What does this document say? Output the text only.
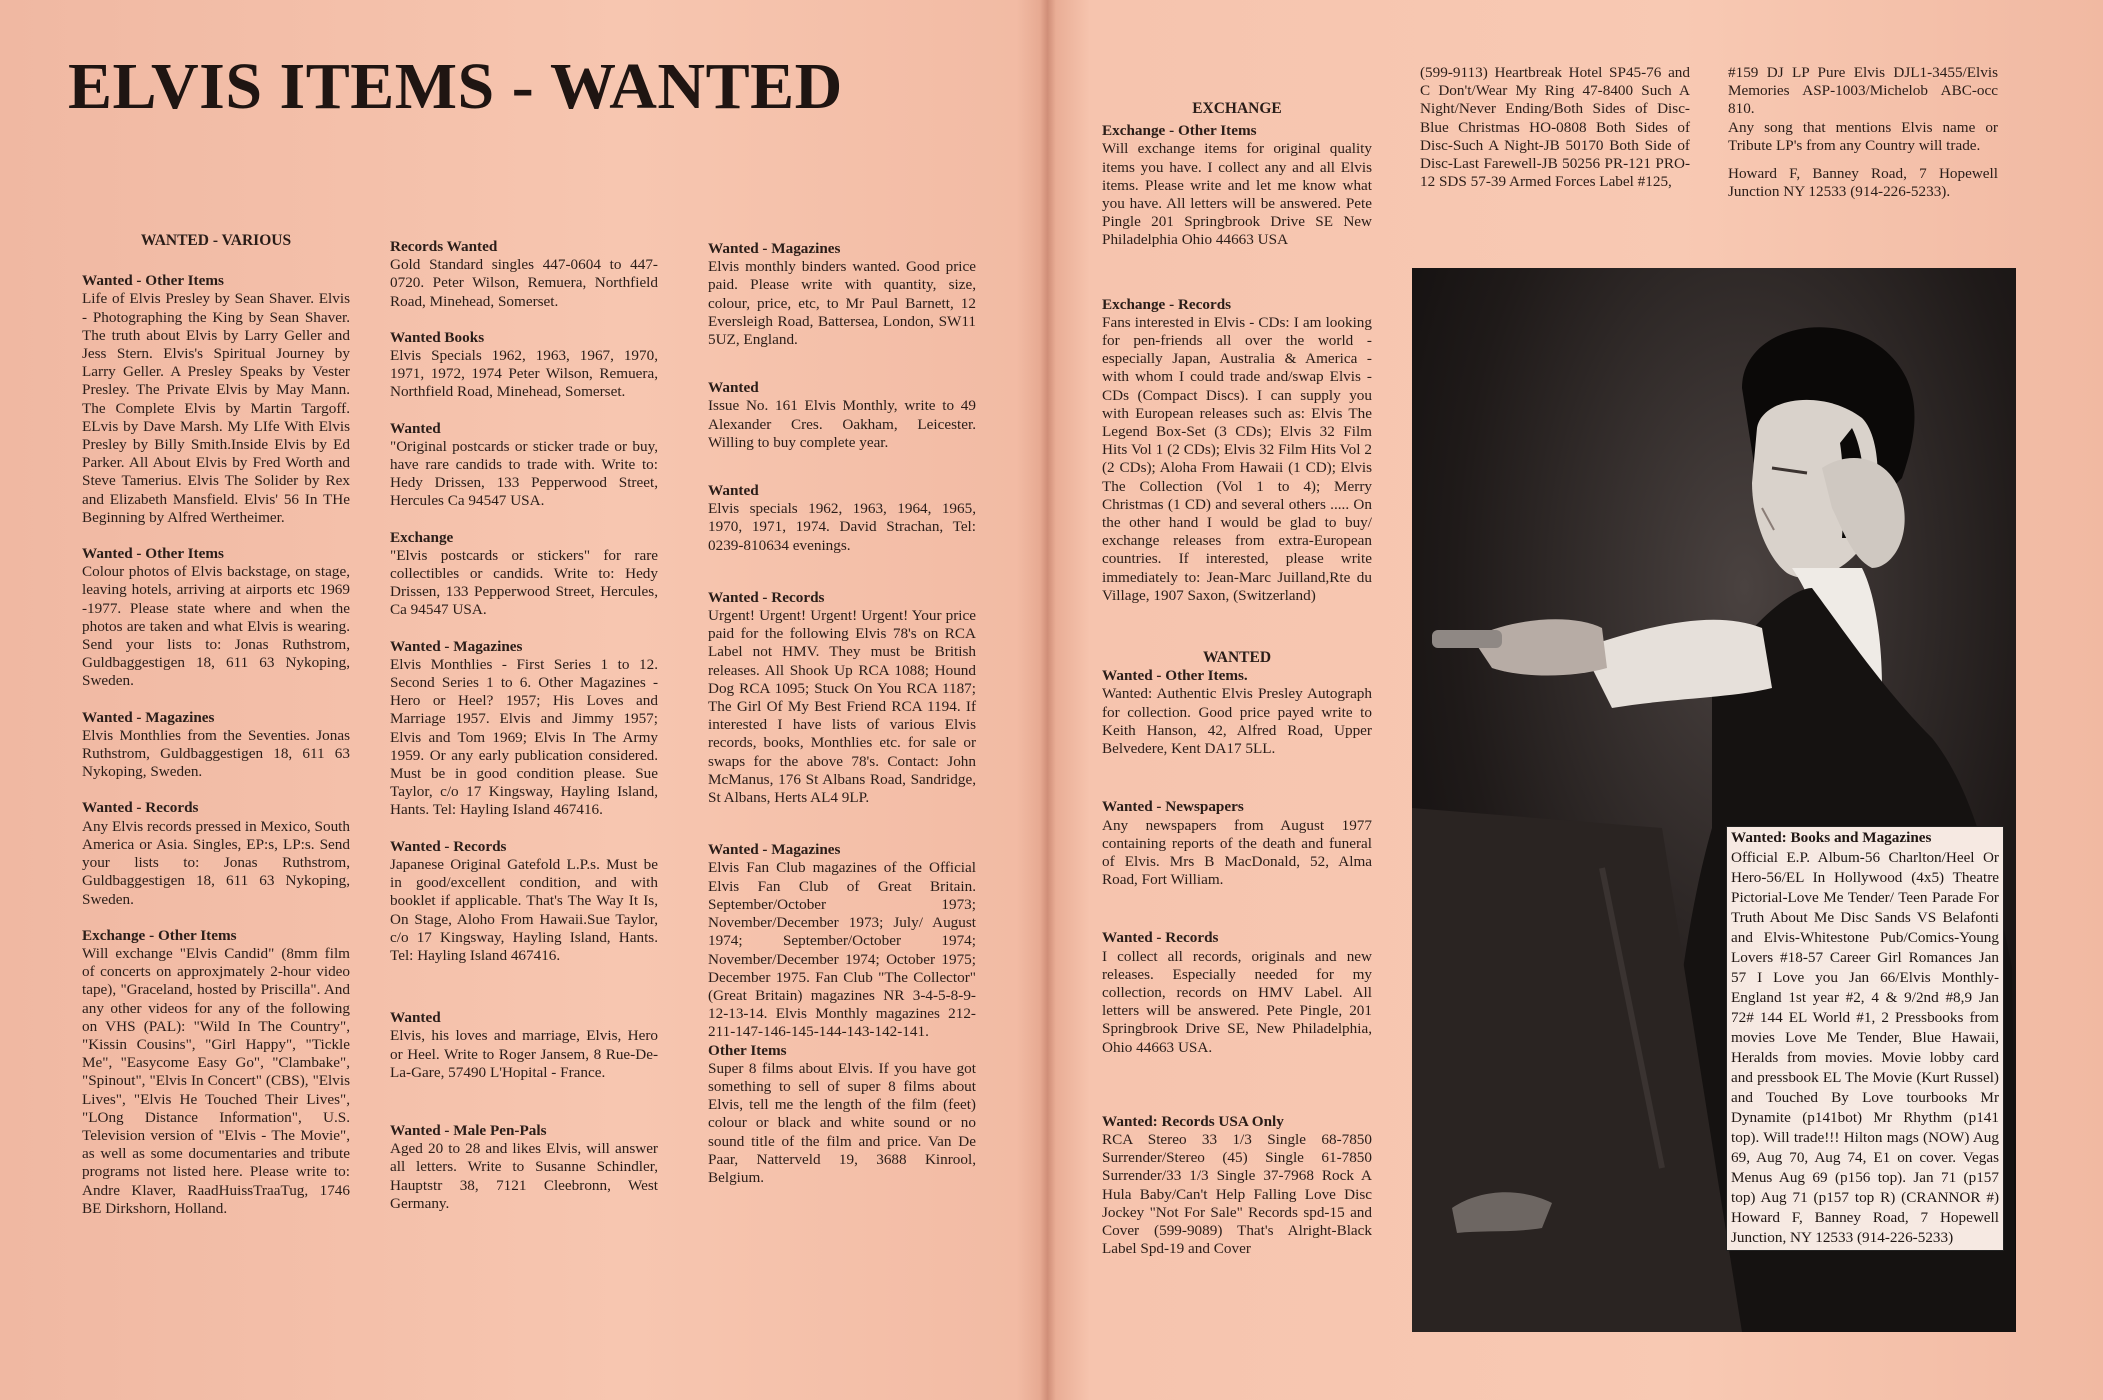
ELVIS ITEMS - WANTED
WANTED - VARIOUS
Wanted - Other Items

Life of Elvis Presley by Sean Shaver. Elvis - Photographing the King by Sean Shaver. The truth about Elvis by Larry Geller and Jess Stern. Elvis's Spiritual Journey by Larry Geller. A Presley Speaks by Vester Presley. The Private Elvis by May Mann. The Complete Elvis by Martin Targoff. ELvis by Dave Marsh. My LIfe With Elvis Presley by Billy Smith.Inside Elvis by Ed Parker. All About Elvis by Fred Worth and Steve Tamerius. Elvis The Solider by Rex and Elizabeth Mansfield. Elvis' 56 In THe Beginning by Alfred Wertheimer.

Wanted - Other Items

Colour photos of Elvis backstage, on stage, leaving hotels, arriving at airports etc 1969 -1977. Please state where and when the photos are taken and what Elvis is wearing. Send your lists to: Jonas Ruthstrom, Guldbaggestigen 18, 611 63 Nykoping, Sweden.

Wanted - Magazines

Elvis Monthlies from the Seventies. Jonas Ruthstrom, Guldbaggestigen 18, 611 63 Nykoping, Sweden.

Wanted - Records

Any Elvis records pressed in Mexico, South America or Asia. Singles, EP:s, LP:s. Send your lists to: Jonas Ruthstrom, Guldbaggestigen 18, 611 63 Nykoping, Sweden.

Exchange - Other Items

Will exchange "Elvis Candid" (8mm film of concerts on approxjmately 2-hour video tape), "Graceland, hosted by Priscilla". And any other videos for any of the following on VHS (PAL): "Wild In The Country", "Kissin Cousins", "Girl Happy", "Tickle Me", "Easycome Easy Go", "Clambake", "Spinout", "Elvis In Concert" (CBS), "Elvis Lives", "Elvis He Touched Their Lives", "LOng Distance Information", U.S. Television version of "Elvis - The Movie", as well as some documentaries and tribute programs not listed here. Please write to: Andre Klaver, RaadHuissTraaTug, 1746 BE Dirkshorn, Holland.

Records Wanted

Gold Standard singles 447-0604 to 447-0720. Peter Wilson, Remuera, Northfield Road, Minehead, Somerset.

Wanted Books

Elvis Specials 1962, 1963, 1967, 1970, 1971, 1972, 1974 Peter Wilson, Remuera, Northfield Road, Minehead, Somerset.

Wanted

"Original postcards or sticker trade or buy, have rare candids to trade with. Write to: Hedy Drissen, 133 Pepperwood Street, Hercules Ca 94547 USA.

Exchange

"Elvis postcards or stickers" for rare collectibles or candids. Write to: Hedy Drissen, 133 Pepperwood Street, Hercules, Ca 94547 USA.

Wanted - Magazines

Elvis Monthlies - First Series 1 to 12. Second Series 1 to 6. Other Magazines - Hero or Heel? 1957; His Loves and Marriage 1957. Elvis and Jimmy 1957; Elvis and Tom 1969; Elvis In The Army 1959. Or any early publication considered. Must be in good condition please. Sue Taylor, c/o 17 Kingsway, Hayling Island, Hants. Tel: Hayling Island 467416.

Wanted - Records

Japanese Original Gatefold L.P.s. Must be in good/excellent condition, and with booklet if applicable. That's The Way It Is, On Stage, Aloho From Hawaii.Sue Taylor, c/o 17 Kingsway, Hayling Island, Hants. Tel: Hayling Island 467416.

Wanted

Elvis, his loves and marriage, Elvis, Hero or Heel. Write to Roger Jansem, 8 Rue-De-La-Gare, 57490 L'Hopital - France.

Wanted - Male Pen-Pals

Aged 20 to 28 and likes Elvis, will answer all letters. Write to Susanne Schindler, Hauptstr 38, 7121 Cleebronn, West Germany.

Wanted - Magazines

Elvis monthly binders wanted. Good price paid. Please write with quantity, size, colour, price, etc, to Mr Paul Barnett, 12 Eversleigh Road, Battersea, London, SW11 5UZ, England.

Wanted

Issue No. 161 Elvis Monthly, write to 49 Alexander Cres. Oakham, Leicester. Willing to buy complete year.

Wanted

Elvis specials 1962, 1963, 1964, 1965, 1970, 1971, 1974. David Strachan, Tel: 0239-810634 evenings.

Wanted - Records

Urgent! Urgent! Urgent! Urgent! Your price paid for the following Elvis 78's on RCA Label not HMV. They must be British releases. All Shook Up RCA 1088; Hound Dog RCA 1095; Stuck On You RCA 1187; The Girl Of My Best Friend RCA 1194. If interested I have lists of various Elvis records, books, Monthlies etc. for sale or swaps for the above 78's. Contact: John McManus, 176 St Albans Road, Sandridge, St Albans, Herts AL4 9LP.

Wanted - Magazines

Elvis Fan Club magazines of the Official Elvis Fan Club of Great Britain. September/October 1973; November/December 1973; July/ August 1974; September/October 1974; November/December 1974; October 1975; December 1975. Fan Club "The Collector" (Great Britain) magazines NR 3-4-5-8-9-12-13-14. Elvis Monthly magazines 212-211-147-146-145-144-143-142-141.

Other Items

Super 8 films about Elvis. If you have got something to sell of super 8 films about Elvis, tell me the length of the film (feet) colour or black and white sound or no sound title of the film and price. Van De Paar, Natterveld 19, 3688 Kinrool, Belgium.

EXCHANGE
Exchange - Other Items

Will exchange items for original quality items you have. I collect any and all Elvis items. Please write and let me know what you have. All letters will be answered. Pete Pingle 201 Springbrook Drive SE New Philadelphia Ohio 44663 USA

Exchange - Records

Fans interested in Elvis - CDs: I am looking for pen-friends all over the world - especially Japan, Australia & America - with whom I could trade and/swap Elvis - CDs (Compact Discs). I can supply you with European releases such as: Elvis The Legend Box-Set (3 CDs); Elvis 32 Film Hits Vol 1 (2 CDs); Elvis 32 Film Hits Vol 2 (2 CDs); Aloha From Hawaii (1 CD); Elvis The Collection (Vol 1 to 4); Merry Christmas (1 CD) and several others ..... On the other hand I would be glad to buy/ exchange releases from extra-European countries. If interested, please write immediately to: Jean-Marc Juilland,Rte du Village, 1907 Saxon, (Switzerland)

WANTED
Wanted - Other Items.

Wanted: Authentic Elvis Presley Autograph for collection. Good price payed write to Keith Hanson, 42, Alfred Road, Upper Belvedere, Kent DA17 5LL.

Wanted - Newspapers

Any newspapers from August 1977 containing reports of the death and funeral of Elvis. Mrs B MacDonald, 52, Alma Road, Fort William.

Wanted - Records

I collect all records, originals and new releases. Especially needed for my collection, records on HMV Label. All letters will be answered. Pete Pingle, 201 Springbrook Drive SE, New Philadelphia, Ohio 44663 USA.

Wanted: Records USA Only

RCA Stereo 33 1/3 Single 68-7850 Surrender/Stereo (45) Single 61-7850 Surrender/33 1/3 Single 37-7968 Rock A Hula Baby/Can't Help Falling Love Disc Jockey "Not For Sale" Records spd-15 and Cover (599-9089) That's Alright-Black Label Spd-19 and Cover

(599-9113) Heartbreak Hotel SP45-76 and C Don't/Wear My Ring 47-8400 Such A Night/Never Ending/Both Sides of Disc-Blue Christmas HO-0808 Both Sides of Disc-Such A Night-JB 50170 Both Side of Disc-Last Farewell-JB 50256 PR-121 PRO-12 SDS 57-39 Armed Forces Label #125,

#159 DJ LP Pure Elvis DJL1-3455/Elvis Memories ASP-1003/Michelob ABC-occ 810.

Any song that mentions Elvis name or Tribute LP's from any Country will trade.

Howard F, Banney Road, 7 Hopewell Junction NY 12533 (914-226-5233).

Wanted: Books and Magazines

Official E.P. Album-56 Charlton/Heel Or Hero-56/EL In Hollywood (4x5) Theatre Pictorial-Love Me Tender/ Teen Parade For Truth About Me Disc Sands VS Belafonti and Elvis-Whitestone Pub/Comics-Young Lovers #18-57 Career Girl Romances Jan 57 I Love you Jan 66/Elvis Monthly-England 1st year #2, 4 & 9/2nd #8,9 Jan 72# 144 EL World #1, 2 Pressbooks from movies Love Me Tender, Blue Hawaii, Heralds from movies. Movie lobby card and pressbook EL The Movie (Kurt Russel) and Touched By Love tourbooks Mr Dynamite (p141bot) Mr Rhythm (p141 top). Will trade!!! Hilton mags (NOW) Aug 69, Aug 70, Aug 74, E1 on cover. Vegas Menus Aug 69 (p156 top). Jan 71 (p157 top) Aug 71 (p157 top R) (CRANNOR #) Howard F, Banney Road, 7 Hopewell Junction, NY 12533 (914-226-5233)
